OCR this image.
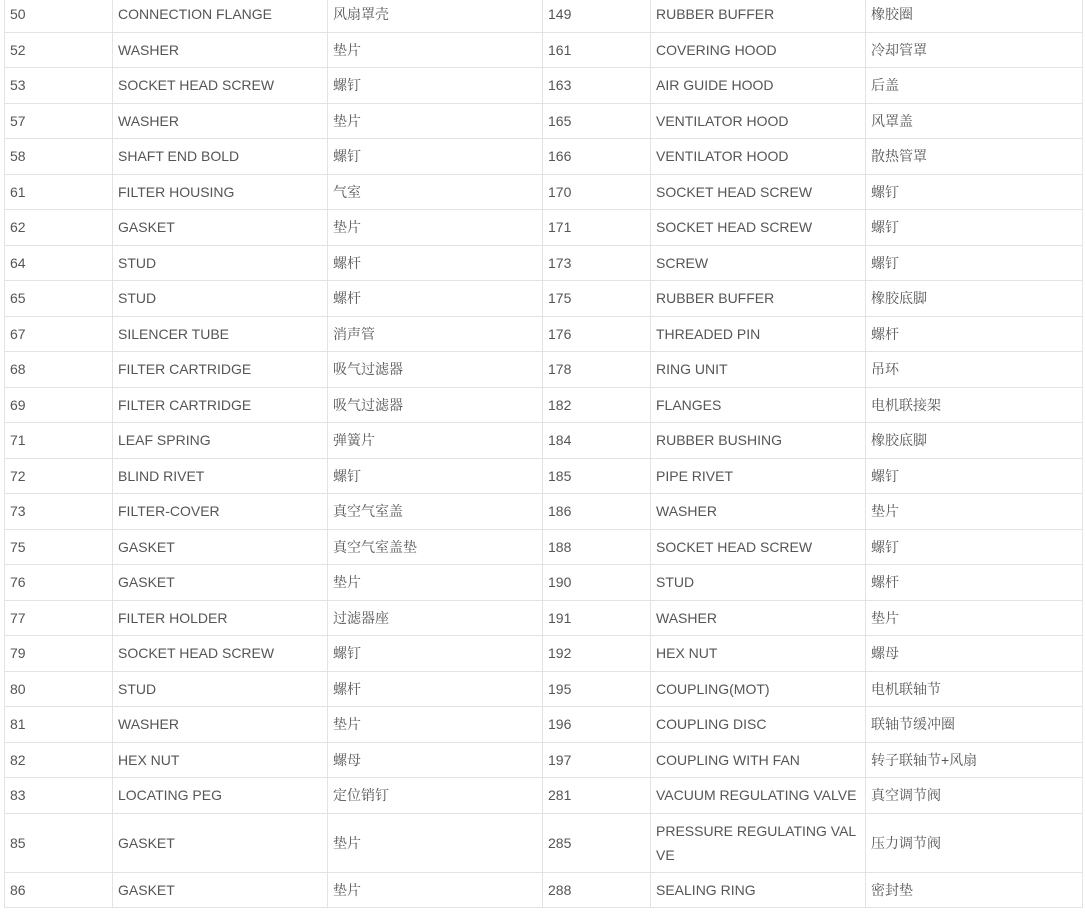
50	CONNECTION FLANGE	风扇罩壳	149	RUBBER BUFFER	橡胶圈
52	WASHER	垫片	161	COVERING HOOD	冷却管罩
53	SOCKET HEAD SCREW	螺钉	163	AIR GUIDE HOOD	后盖
57	WASHER	垫片	165	VENTILATOR HOOD	风罩盖
58	SHAFT END BOLD	螺钉	166	VENTILATOR HOOD	散热管罩
61	FILTER HOUSING	气室	170	SOCKET HEAD SCREW	螺钉
62	GASKET	垫片	171	SOCKET HEAD SCREW	螺钉
64	STUD	螺杆	173	SCREW	螺钉
65	STUD	螺杆	175	RUBBER BUFFER	橡胶底脚
67	SILENCER TUBE	消声管	176	THREADED PIN	螺杆
68	FILTER CARTRIDGE	吸气过滤器	178	RING UNIT	吊环
69	FILTER CARTRIDGE	吸气过滤器	182	FLANGES	电机联接架
71	LEAF SPRING	弹簧片	184	RUBBER BUSHING	橡胶底脚
72	BLIND RIVET	螺钉	185	PIPE RIVET	螺钉
73	FILTER-COVER	真空气室盖	186	WASHER	垫片
75	GASKET	真空气室盖垫	188	SOCKET HEAD SCREW	螺钉
76	GASKET	垫片	190	STUD	螺杆
77	FILTER HOLDER	过滤器座	191	WASHER	垫片
79	SOCKET HEAD SCREW	螺钉	192	HEX NUT	螺母
80	STUD	螺杆	195	COUPLING(MOT)	电机联轴节
81	WASHER	垫片	196	COUPLING DISC	联轴节缓冲圈
82	HEX NUT	螺母	197	COUPLING WITH FAN	转子联轴节+风扇
83	LOCATING PEG	定位销钉	281	VACUUM REGULATING VALVE	真空调节阀
85	GASKET	垫片	285	PRESSURE REGULATING VALVE	压力调节阀
86	GASKET	垫片	288	SEALING RING	密封垫
